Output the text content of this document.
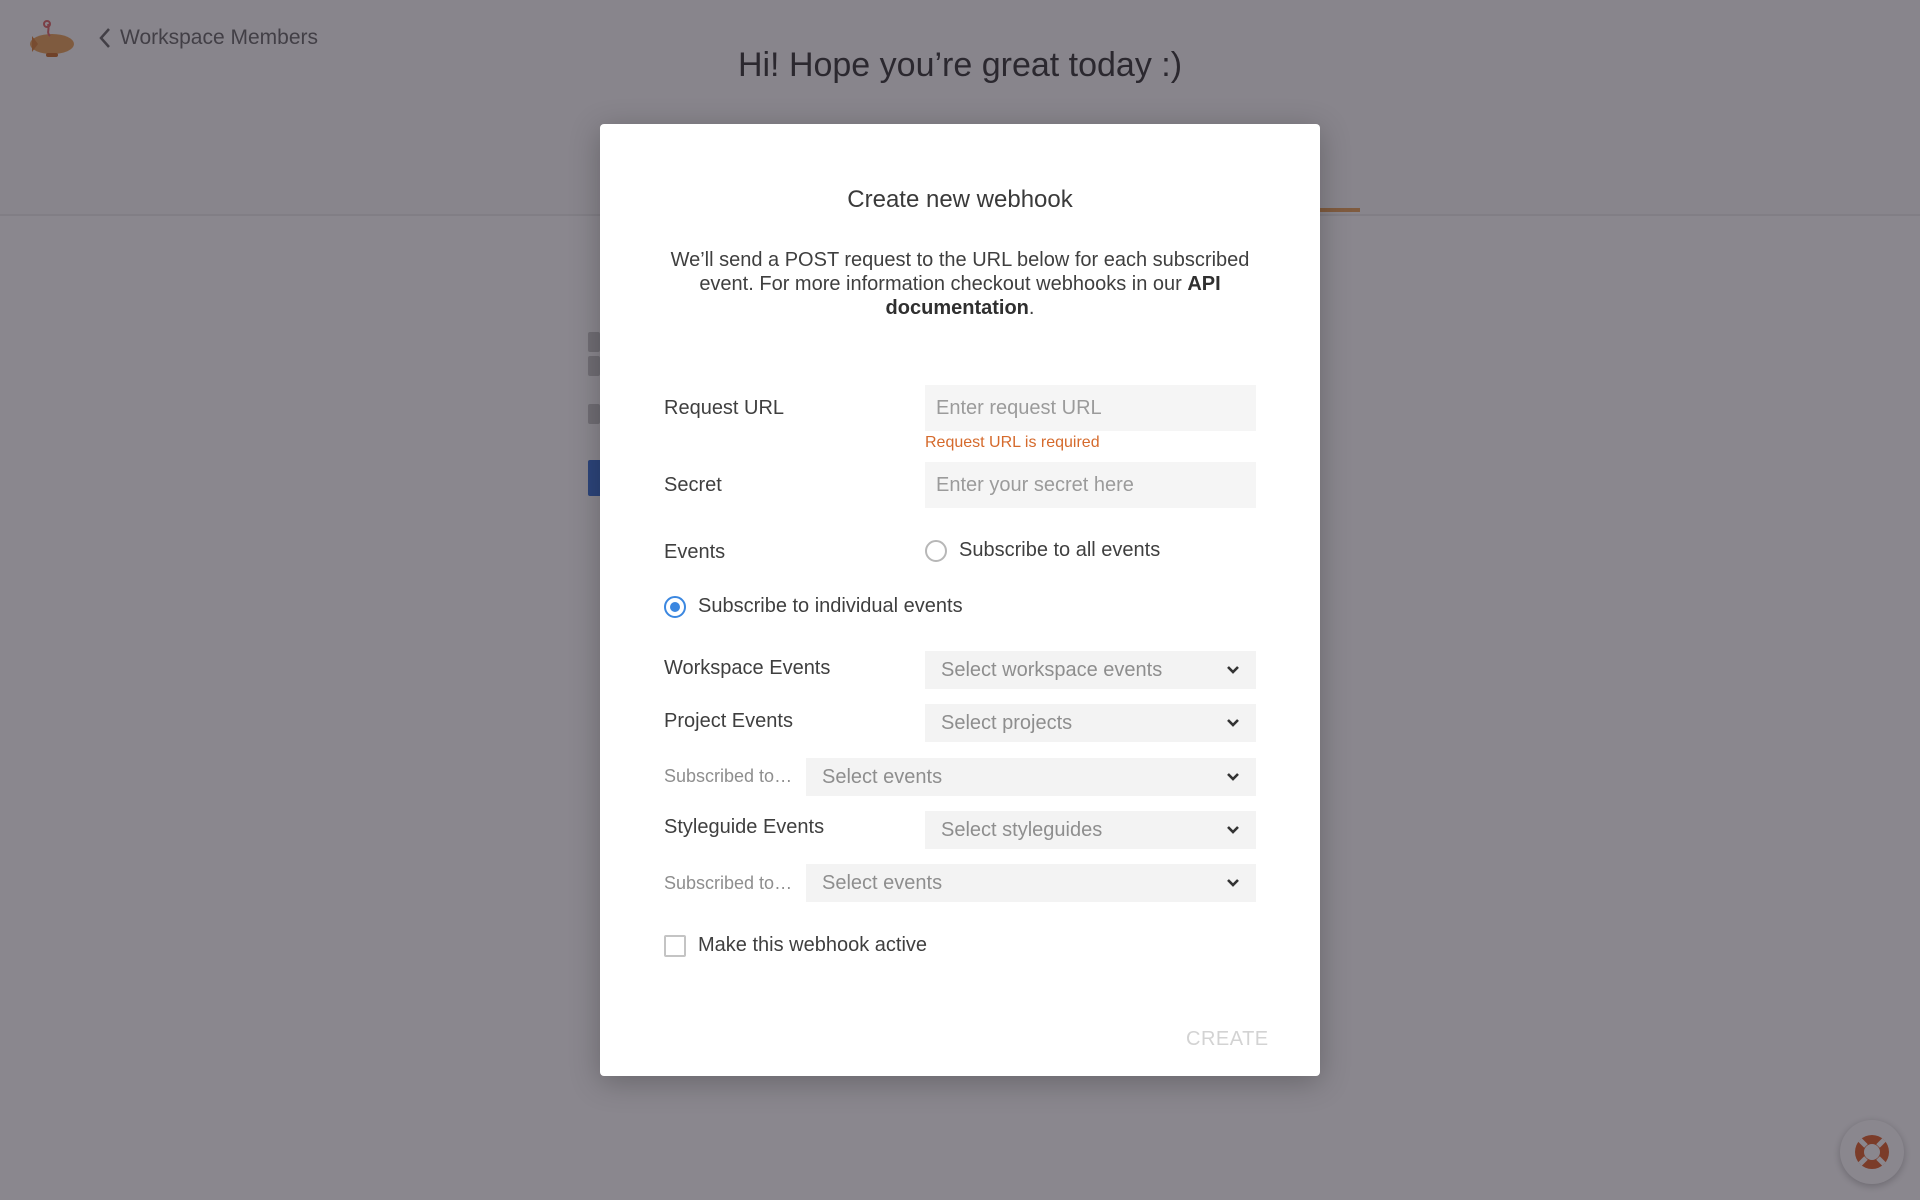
Create new webhook
We’ll send a POST request to the URL below for each subscribed event. For more information checkout webhooks in our API documentation.
Request URL
Enter request URL
Request URL is required
Secret
Enter your secret here
Events	Subscribe to all events
Subscribe to individual events
Workspace Events	Select workspace events
Project Events	Select projects
Subscribed to… Select events
Styleguide Events	Select styleguides
Subscribed to… Select events
Make this webhook active
CREATE
